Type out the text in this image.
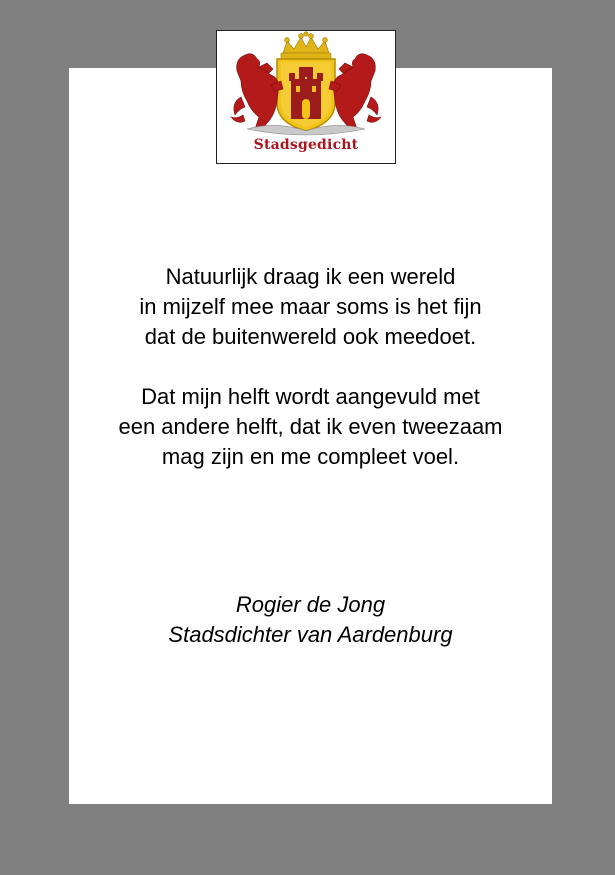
Stadsgedicht
Natuurlijk draag ik een wereld
in mijzelf mee maar soms is het fijn
dat de buitenwereld ook meedoet.
Dat mijn helft wordt aangevuld met
een andere helft, dat ik even tweezaam
mag zijn en me compleet voel.
Rogier de Jong
Stadsdichter van Aardenburg
